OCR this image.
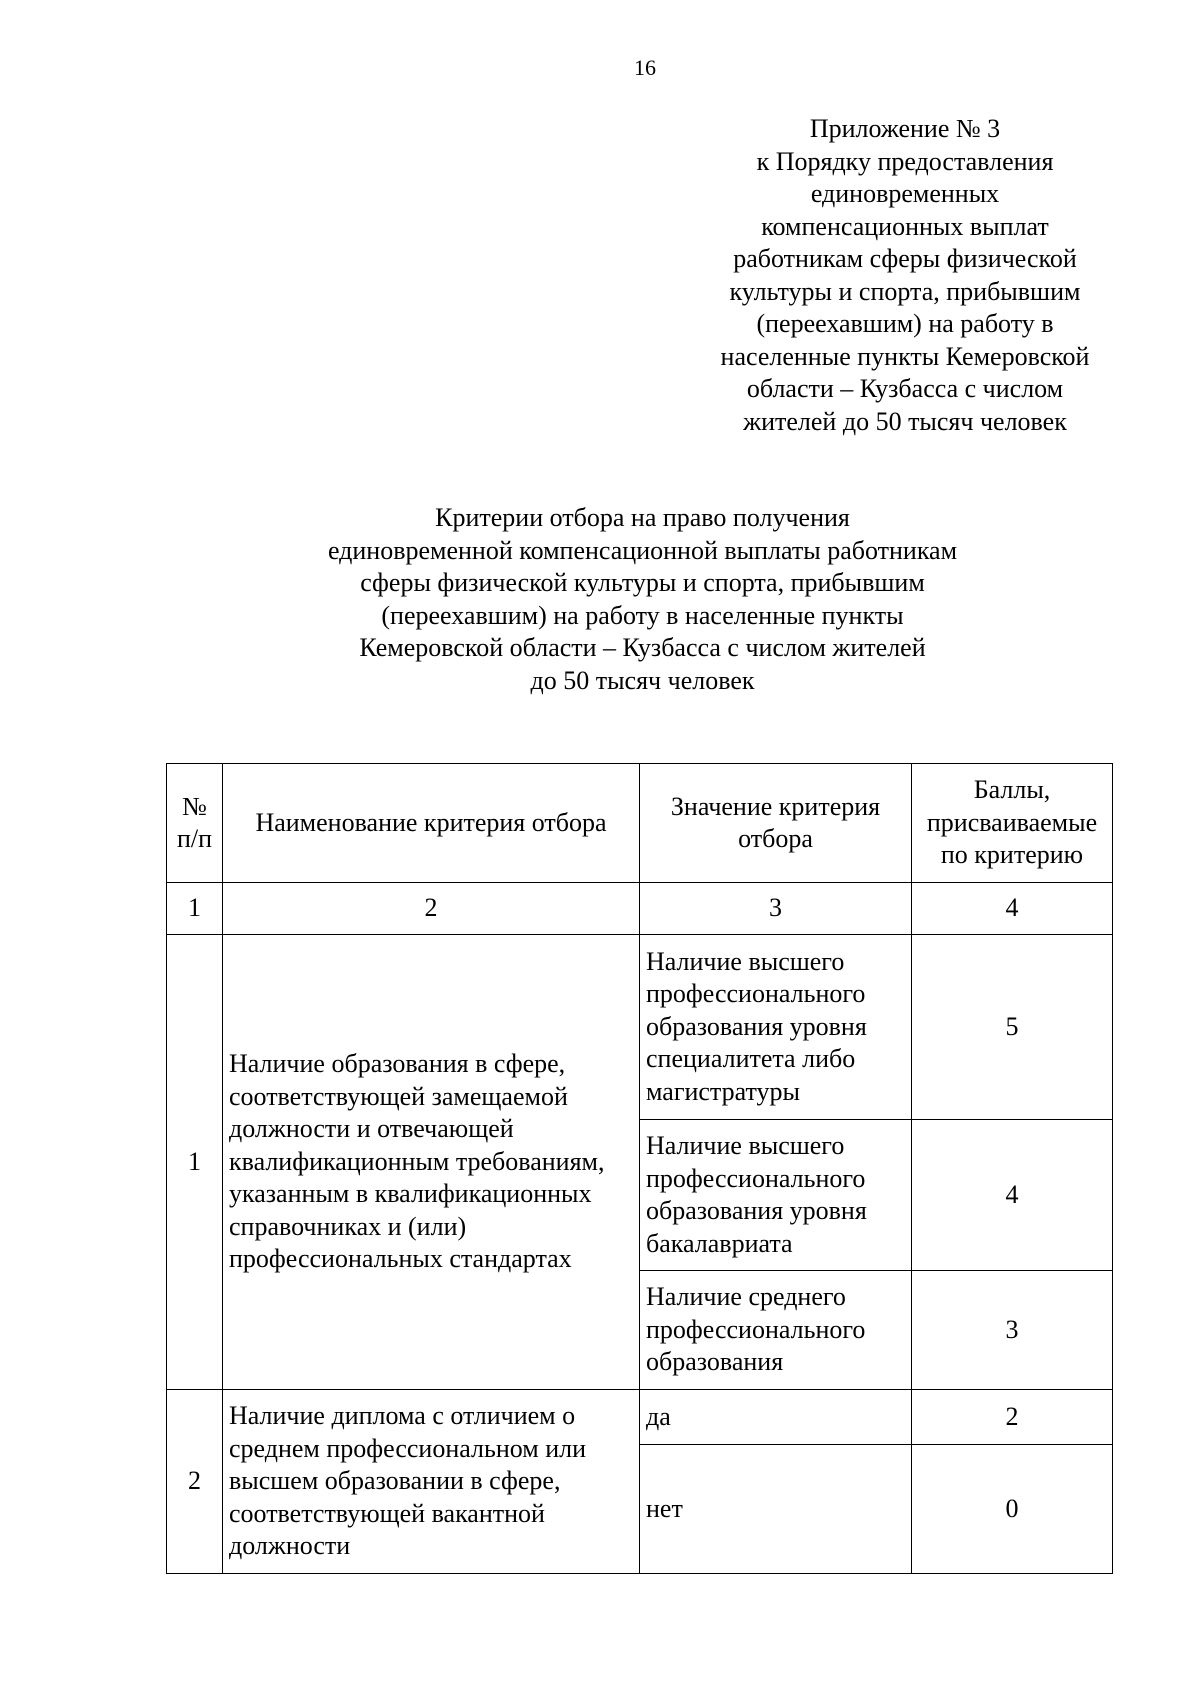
16
Приложение № 3
к Порядку предоставления
единовременных
компенсационных выплат
работникам сферы физической
культуры и спорта, прибывшим
(переехавшим) на работу в
населенные пункты Кемеровской
области – Кузбасса с числом
жителей до 50 тысяч человек
Критерии отбора на право получения
единовременной компенсационной выплаты работникам
сферы физической культуры и спорта, прибывшим
(переехавшим) на работу в населенные пункты
Кемеровской области – Кузбасса с числом жителей
до 50 тысяч человек
№ п/п	Наименование критерия отбора	Значение критерия отбора	Баллы, присваиваемые по критерию
1	2	3	4
1	Наличие образования в сфере, соответствующей замещаемой должности и отвечающей квалификационным требованиям, указанным в квалификационных справочниках и (или) профессиональных стандартах	Наличие высшего профессионального образования уровня специалитета либо магистратуры	5
		Наличие высшего профессионального образования уровня бакалавриата	4
		Наличие среднего профессионального образования	3
2	Наличие диплома с отличием о среднем профессиональном или высшем образовании в сфере, соответствующей вакантной должности	да	2
		нет	0
